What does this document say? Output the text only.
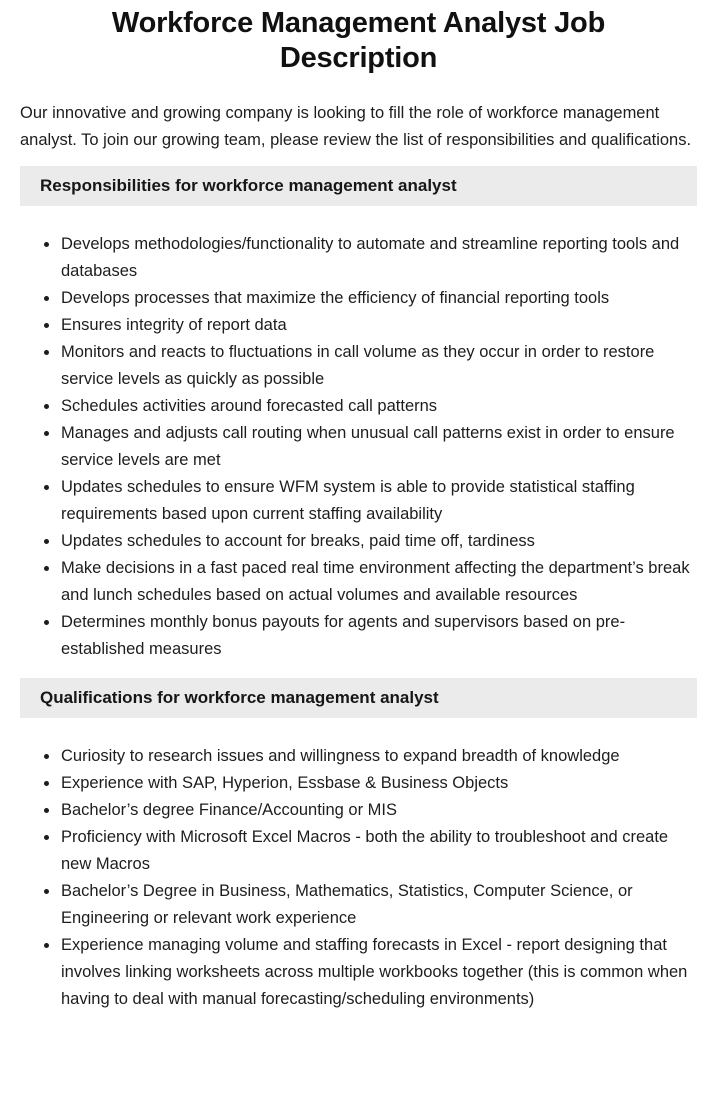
Workforce Management Analyst Job Description

Our innovative and growing company is looking to fill the role of workforce management analyst. To join our growing team, please review the list of responsibilities and qualifications.

Responsibilities for workforce management analyst
• Develops methodologies/functionality to automate and streamline reporting tools and databases
• Develops processes that maximize the efficiency of financial reporting tools
• Ensures integrity of report data
• Monitors and reacts to fluctuations in call volume as they occur in order to restore service levels as quickly as possible
• Schedules activities around forecasted call patterns
• Manages and adjusts call routing when unusual call patterns exist in order to ensure service levels are met
• Updates schedules to ensure WFM system is able to provide statistical staffing requirements based upon current staffing availability
• Updates schedules to account for breaks, paid time off, tardiness
• Make decisions in a fast paced real time environment affecting the department’s break and lunch schedules based on actual volumes and available resources
• Determines monthly bonus payouts for agents and supervisors based on pre-established measures
Qualifications for workforce management analyst
• Curiosity to research issues and willingness to expand breadth of knowledge
• Experience with SAP, Hyperion, Essbase & Business Objects
• Bachelor’s degree Finance/Accounting or MIS
• Proficiency with Microsoft Excel Macros - both the ability to troubleshoot and create new Macros
• Bachelor’s Degree in Business, Mathematics, Statistics, Computer Science, or Engineering or relevant work experience
• Experience managing volume and staffing forecasts in Excel - report designing that involves linking worksheets across multiple workbooks together (this is common when having to deal with manual forecasting/scheduling environments)
